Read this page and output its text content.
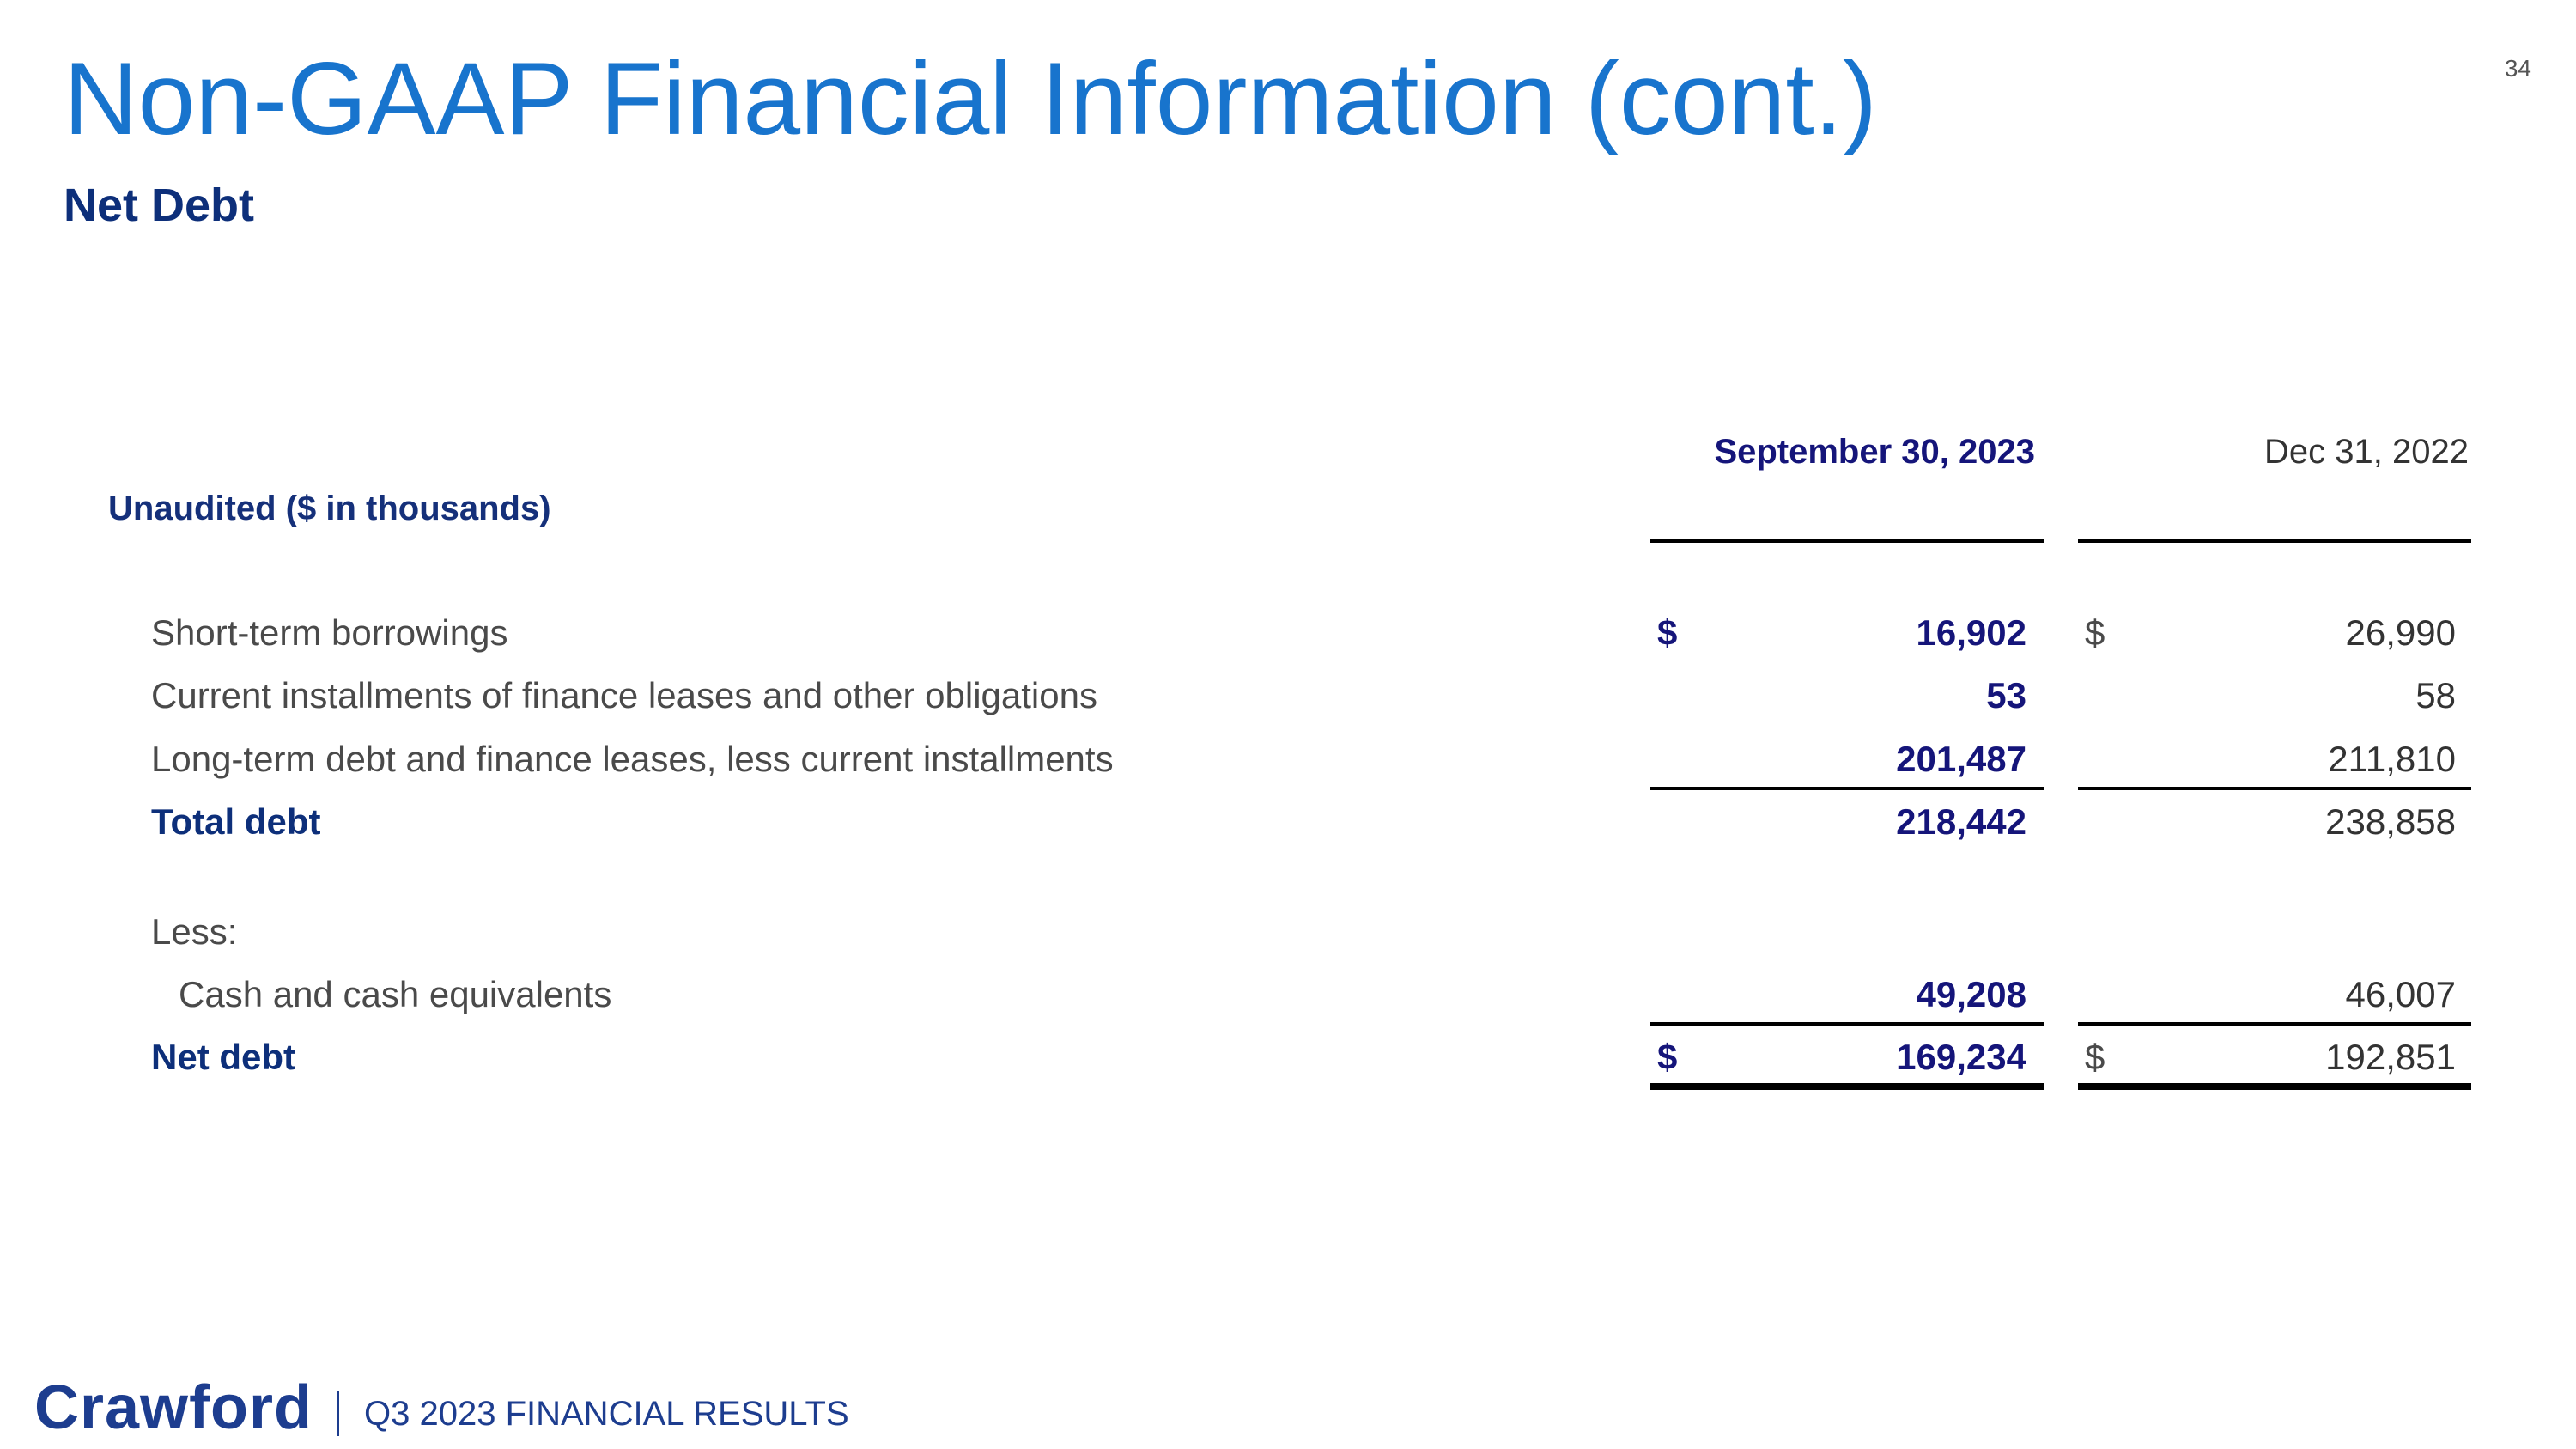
34
Non-GAAP Financial Information (cont.)
Net Debt
September 30, 2023	Dec 31, 2022
Unaudited ($ in thousands)
Short-term borrowings	$	16,902 $	26,990
Current installments of finance leases and other obligations	53	58
Long-term debt and finance leases, less current installments	201,487	211,810
Total debt	218,442	238,858
Less:
Cash and cash equivalents	49,208	46,007
Net debt	$	169,234 $	192,851
Crawford Q3 2023 FINANCIAL RESULTS
